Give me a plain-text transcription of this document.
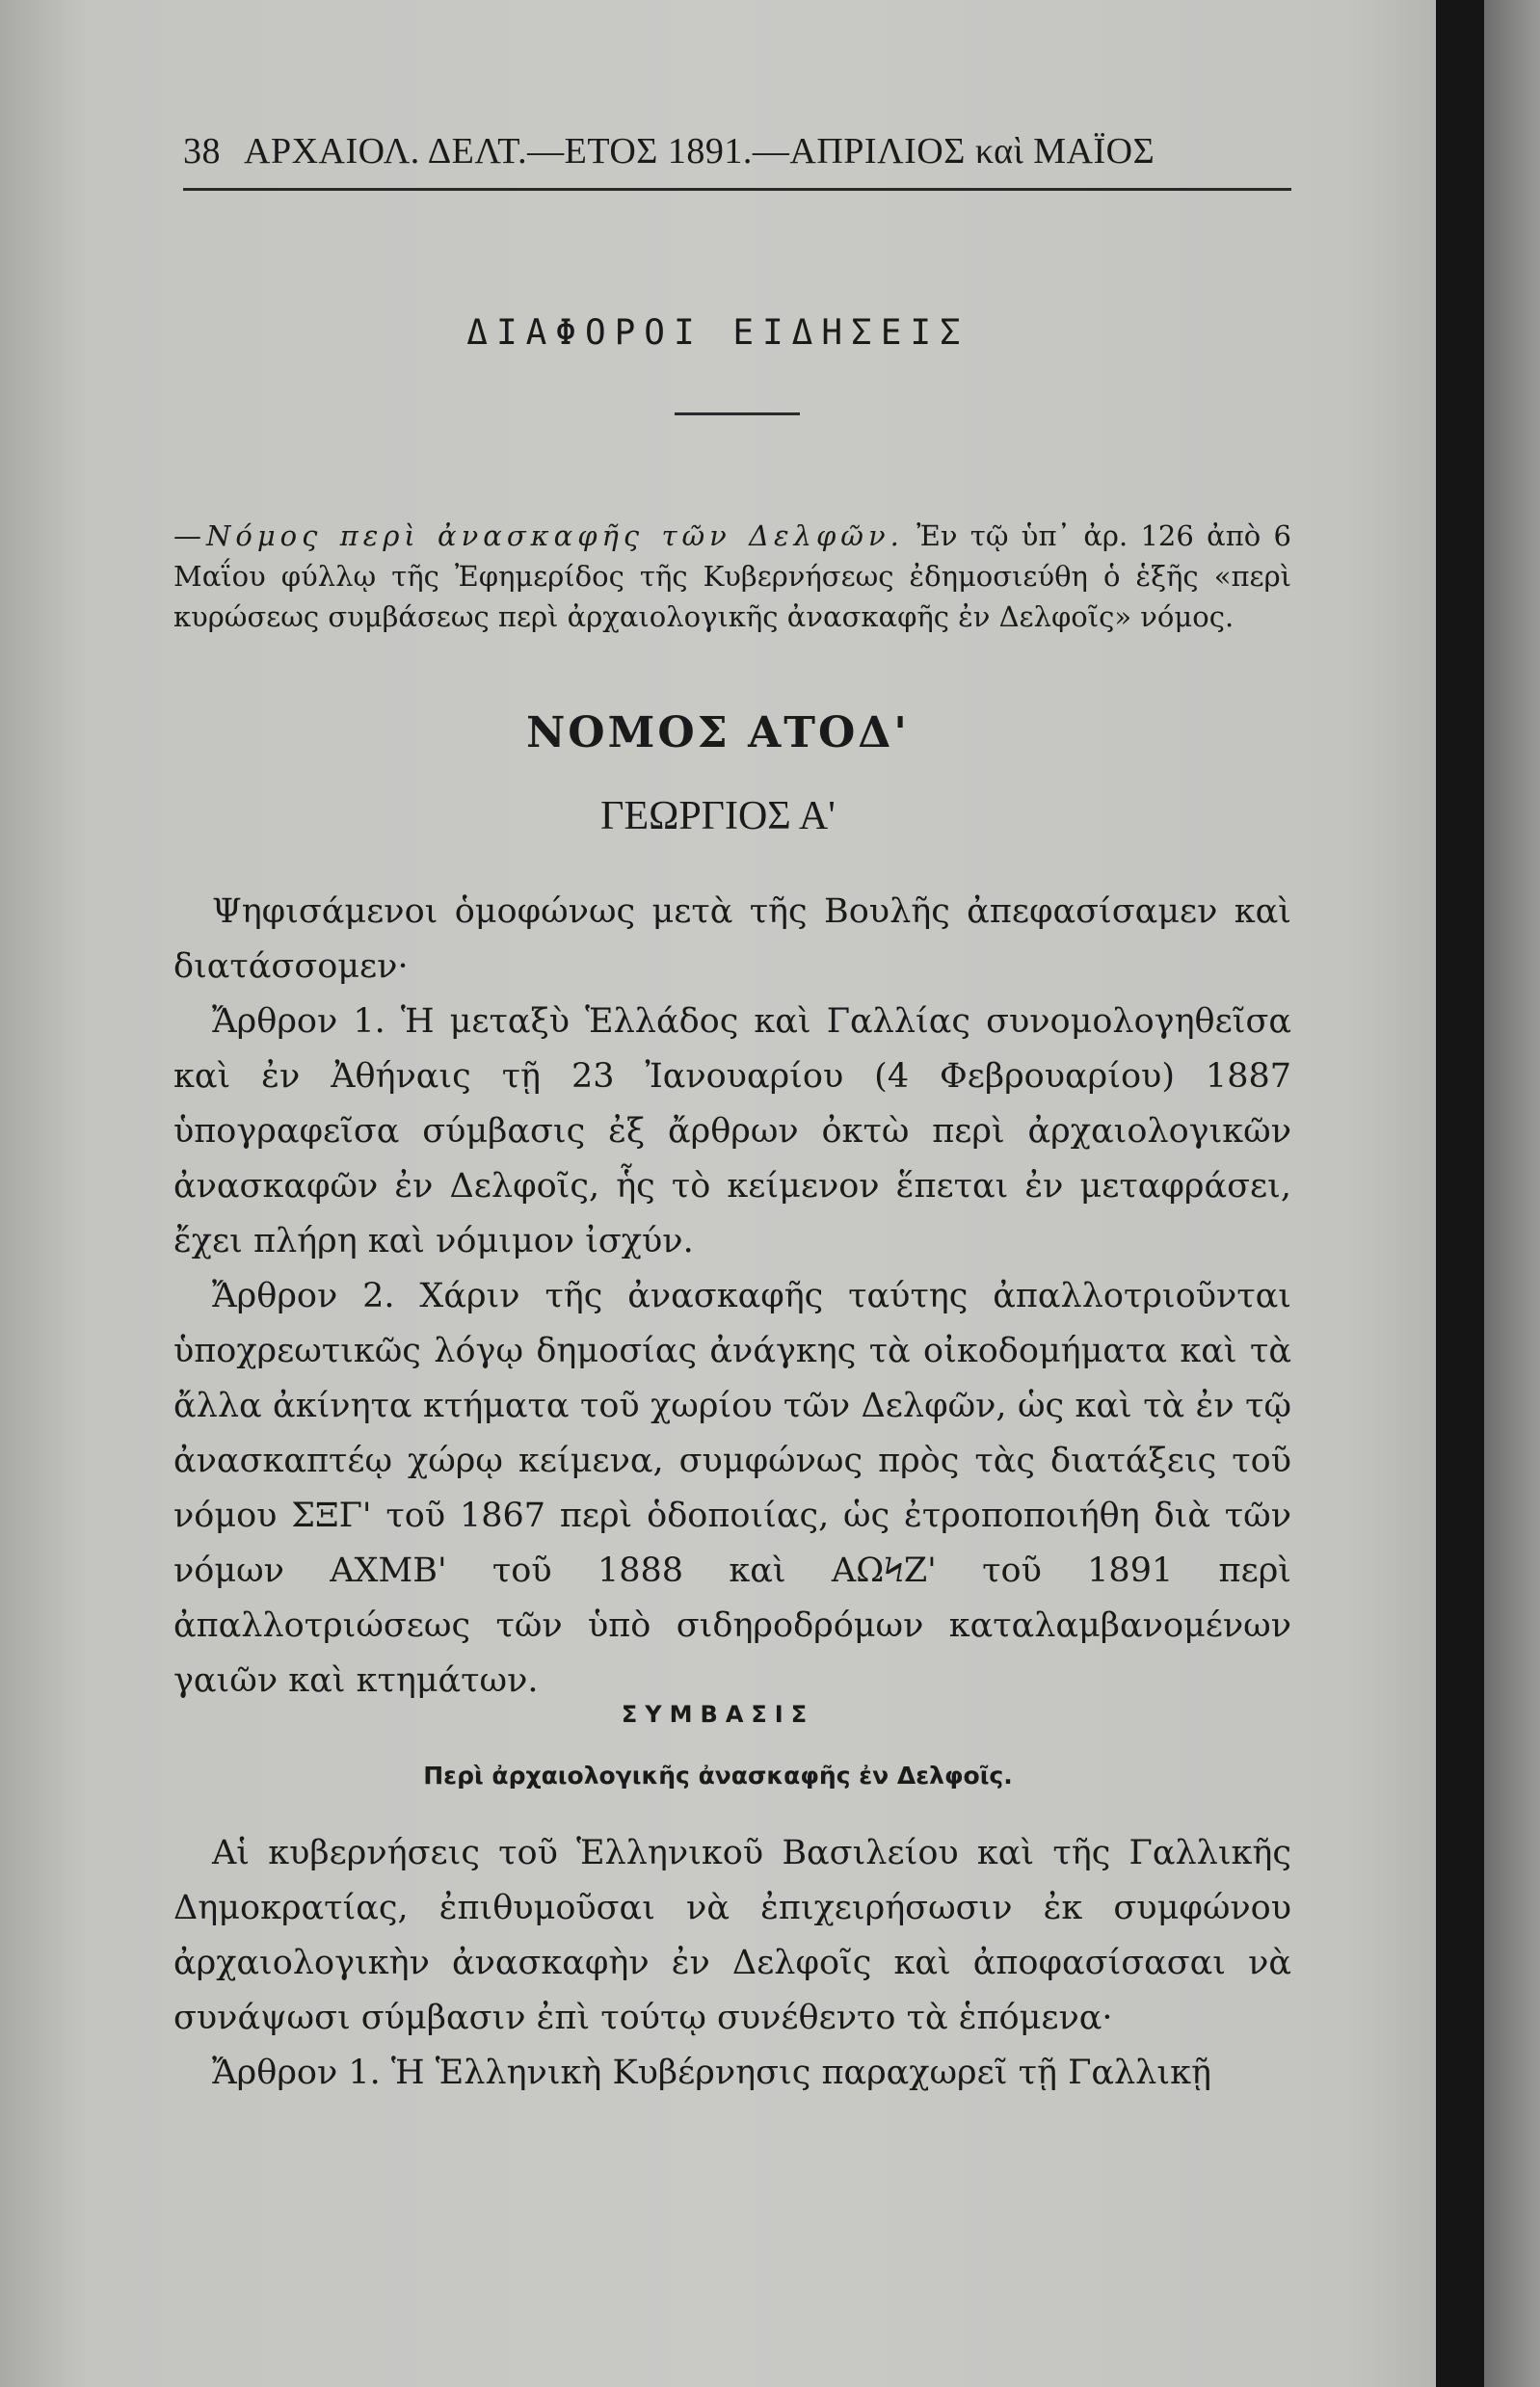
38 ΑΡΧΑΙΟΛ. ΔΕΛΤ.—ΕΤΟΣ 1891.—ΑΠΡΙΛΙΟΣ καὶ ΜΑΪΟΣ
ΔΙΑΦΟΡΟΙ ΕΙΔΗΣΕΙΣ
—Νόμος περὶ ἀνασκαφῆς τῶν Δελφῶν. Ἐν τῷ ὑπ᾽ ἀρ. 126 ἀπὸ 6 Μαΐου φύλλῳ τῆς Ἐφημερίδος τῆς Κυβερνήσεως ἐδημοσιεύθη ὁ ἑξῆς «περὶ κυρώσεως συμβάσεως περὶ ἀρχαιολογικῆς ἀνασκαφῆς ἐν Δελφοῖς» νόμος.
ΝΟΜΟΣ ΑΤΟΔ'
ΓΕΩΡΓΙΟΣ Α'

Ψηφισάμενοι ὁμοφώνως μετὰ τῆς Βουλῆς ἀπεφασίσαμεν καὶ διατάσσομεν·

Ἄρθρον 1. Ἡ μεταξὺ Ἑλλάδος καὶ Γαλλίας συνομολογηθεῖσα καὶ ἐν Ἀθήναις τῇ 23 Ἰανουαρίου (4 Φεβρουαρίου) 1887 ὑπογραφεῖσα σύμβασις ἐξ ἄρθρων ὀκτὼ περὶ ἀρχαιολογικῶν ἀνασκαφῶν ἐν Δελφοῖς, ἧς τὸ κείμενον ἕπεται ἐν μεταφράσει, ἔχει πλήρη καὶ νόμιμον ἰσχύν.

Ἄρθρον 2. Χάριν τῆς ἀνασκαφῆς ταύτης ἀπαλλοτριοῦνται ὑποχρεωτικῶς λόγῳ δημοσίας ἀνάγκης τὰ οἰκοδομήματα καὶ τὰ ἄλλα ἀκίνητα κτήματα τοῦ χωρίου τῶν Δελφῶν, ὡς καὶ τὰ ἐν τῷ ἀνασκαπτέῳ χώρῳ κείμενα, συμφώνως πρὸς τὰς διατάξεις τοῦ νόμου ΣΞΓ' τοῦ 1867 περὶ ὁδοποιίας, ὡς ἐτροποποιήθη διὰ τῶν νόμων ΑΧΜΒ' τοῦ 1888 καὶ ΑΩϞΖ' τοῦ 1891 περὶ ἀπαλλοτριώσεως τῶν ὑπὸ σιδηροδρόμων καταλαμβανομένων γαιῶν καὶ κτημάτων.

ΣΥΜΒΑΣΙΣ
Περὶ ἀρχαιολογικῆς ἀνασκαφῆς ἐν Δελφοῖς.

Αἱ κυβερνήσεις τοῦ Ἑλληνικοῦ Βασιλείου καὶ τῆς Γαλλικῆς Δημοκρατίας, ἐπιθυμοῦσαι νὰ ἐπιχειρήσωσιν ἐκ συμφώνου ἀρχαιολογικὴν ἀνασκαφὴν ἐν Δελφοῖς καὶ ἀποφασίσασαι νὰ συνάψωσι σύμβασιν ἐπὶ τούτῳ συνέθεντο τὰ ἑπόμενα·

Ἄρθρον 1. Ἡ Ἑλληνικὴ Κυβέρνησις παραχωρεῖ τῇ Γαλλικῇ
